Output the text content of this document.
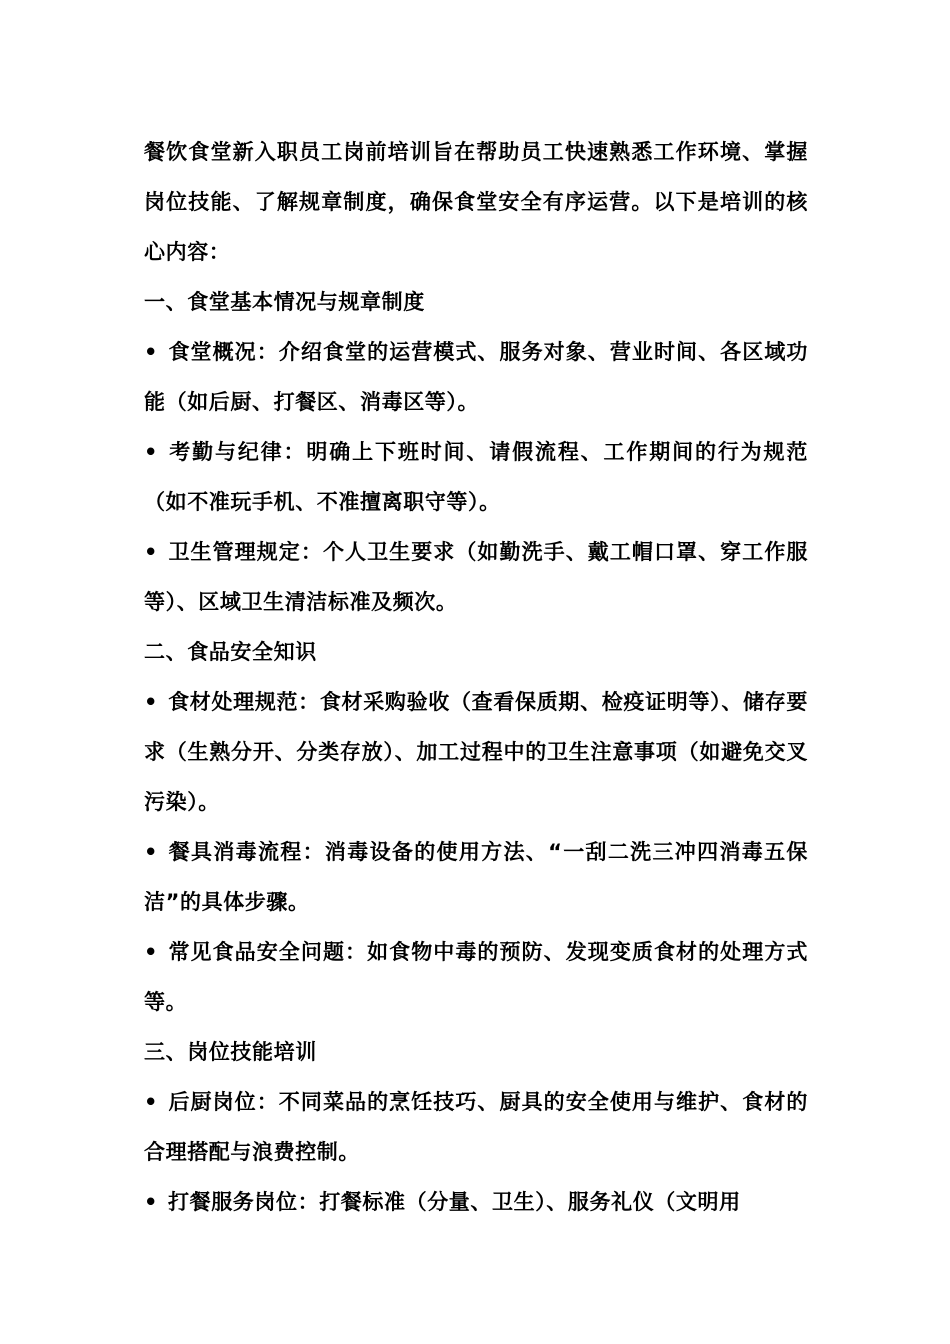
餐饮食堂新入职员工岗前培训旨在帮助员工快速熟悉工作环境、掌握岗位技能、了解规章制度，确保食堂安全有序运营。以下是培训的核心内容：

一、食堂基本情况与规章制度

• 食堂概况：介绍食堂的运营模式、服务对象、营业时间、各区域功能（如后厨、打餐区、消毒区等）。

• 考勤与纪律：明确上下班时间、请假流程、工作期间的行为规范（如不准玩手机、不准擅离职守等）。

• 卫生管理规定：个人卫生要求（如勤洗手、戴工帽口罩、穿工作服等）、区域卫生清洁标准及频次。

二、食品安全知识

• 食材处理规范：食材采购验收（查看保质期、检疫证明等）、储存要求（生熟分开、分类存放）、加工过程中的卫生注意事项（如避免交叉污染）。

• 餐具消毒流程：消毒设备的使用方法、“一刮二洗三冲四消毒五保洁”的具体步骤。

• 常见食品安全问题：如食物中毒的预防、发现变质食材的处理方式等。

三、岗位技能培训

• 后厨岗位：不同菜品的烹饪技巧、厨具的安全使用与维护、食材的合理搭配与浪费控制。

• 打餐服务岗位：打餐标准（分量、卫生）、服务礼仪（文明用
